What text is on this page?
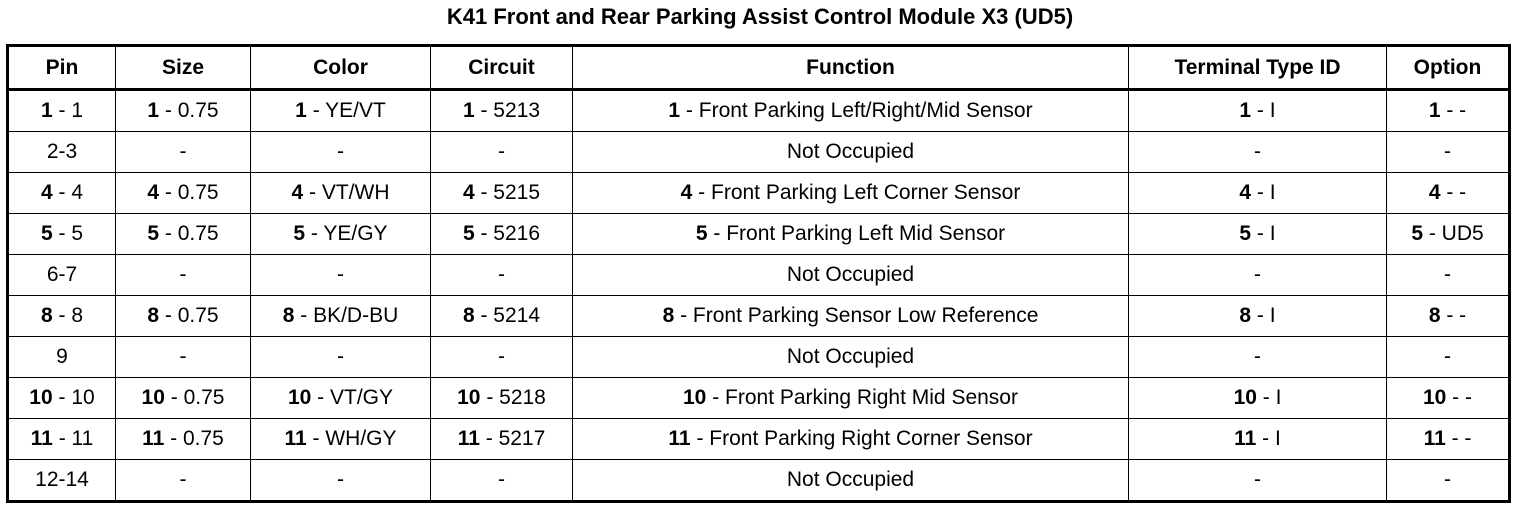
K41 Front and Rear Parking Assist Control Module X3 (UD5)
Pin	Size	Color	Circuit	Function	Terminal Type ID	Option
1 - 1	1 - 0.75	1 - YE/VT	1 - 5213	1 - Front Parking Left/Right/Mid Sensor	1 - I	1 - -
2-3	-	-	-	Not Occupied	-	-
4 - 4	4 - 0.75	4 - VT/WH	4 - 5215	4 - Front Parking Left Corner Sensor	4 - I	4 - -
5 - 5	5 - 0.75	5 - YE/GY	5 - 5216	5 - Front Parking Left Mid Sensor	5 - I	5 - UD5
6-7	-	-	-	Not Occupied	-	-
8 - 8	8 - 0.75	8 - BK/D-BU	8 - 5214	8 - Front Parking Sensor Low Reference	8 - I	8 - -
9	-	-	-	Not Occupied	-	-
10 - 10	10 - 0.75	10 - VT/GY	10 - 5218	10 - Front Parking Right Mid Sensor	10 - I	10 - -
11 - 11	11 - 0.75	11 - WH/GY	11 - 5217	11 - Front Parking Right Corner Sensor	11 - I	11 - -
12-14	-	-	-	Not Occupied	-	-
